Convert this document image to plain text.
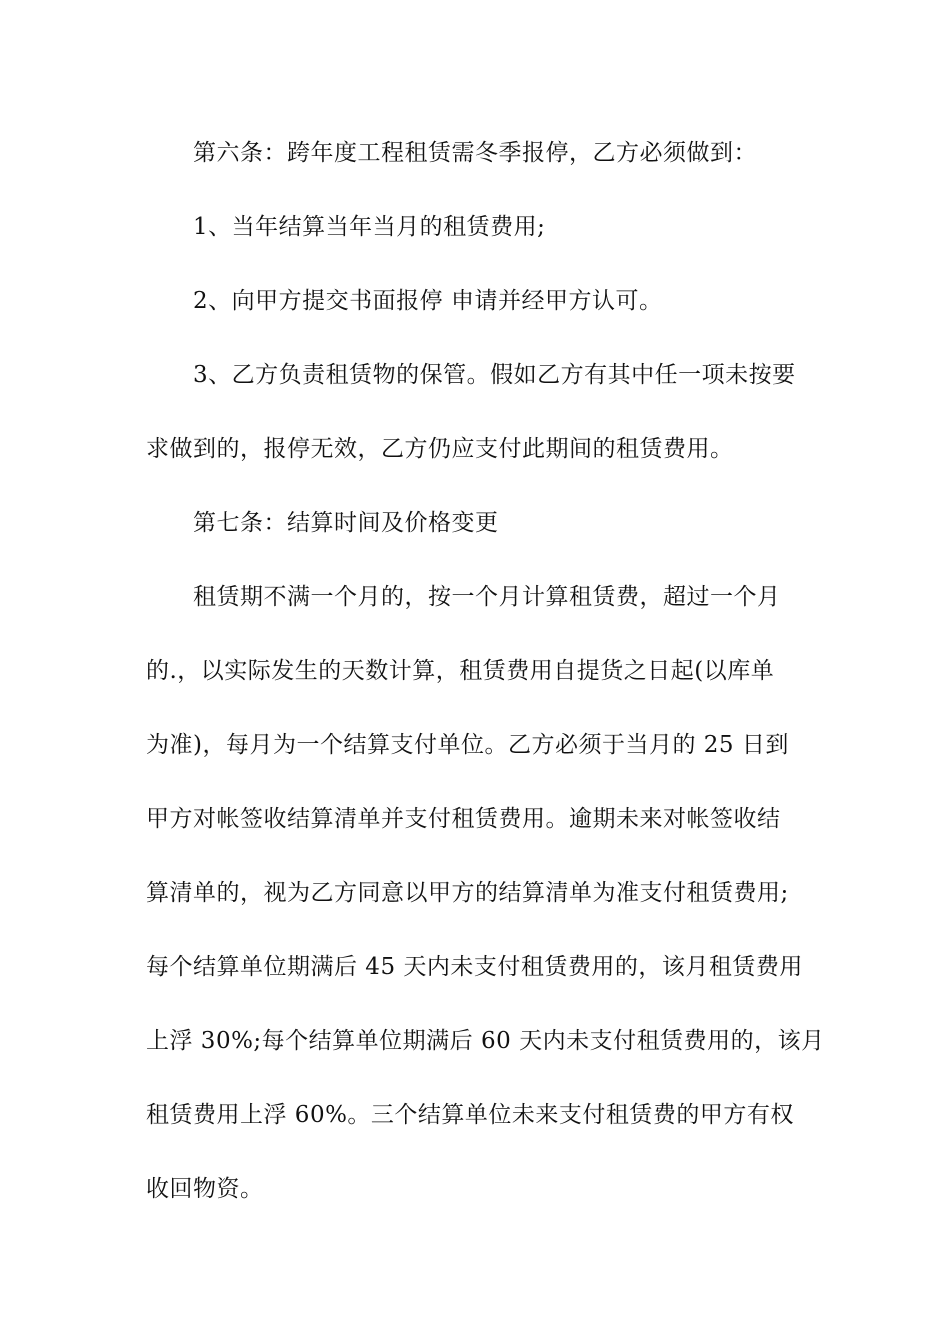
第六条：跨年度工程租赁需冬季报停，乙方必须做到：
1、当年结算当年当月的租赁费用;
2、向甲方提交书面报停 申请并经甲方认可。
3、乙方负责租赁物的保管。假如乙方有其中任一项未按要
求做到的，报停无效，乙方仍应支付此期间的租赁费用。
第七条：结算时间及价格变更
租赁期不满一个月的，按一个月计算租赁费，超过一个月
的.，以实际发生的天数计算，租赁费用自提货之日起(以库单
为准)，每月为一个结算支付单位。乙方必须于当月的 25 日到
甲方对帐签收结算清单并支付租赁费用。逾期未来对帐签收结
算清单的，视为乙方同意以甲方的结算清单为准支付租赁费用;
每个结算单位期满后 45 天内未支付租赁费用的，该月租赁费用
上浮 30%;每个结算单位期满后 60 天内未支付租赁费用的，该月
租赁费用上浮 60%。三个结算单位未来支付租赁费的甲方有权
收回物资。
